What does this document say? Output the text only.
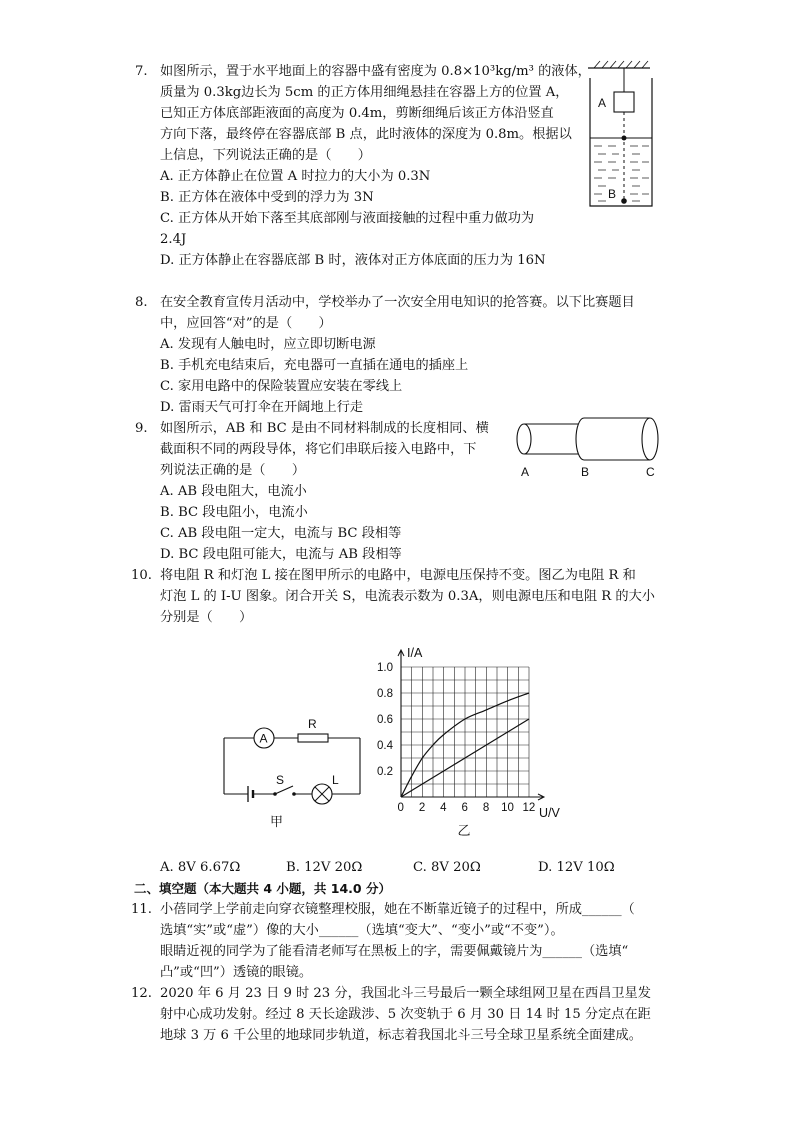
7. 如图所示，置于水平地面上的容器中盛有密度为 0.8×10³kg/m³ 的液体，
质量为 0.3kg边长为 5cm 的正方体用细绳悬挂在容器上方的位置 A，
已知正方体底部距液面的高度为 0.4m，剪断细绳后该正方体沿竖直
方向下落，最终停在容器底部 B 点，此时液体的深度为 0.8m。根据以
上信息，下列说法正确的是（　　）
A. 正方体静止在位置 A 时拉力的大小为 0.3N
B. 正方体在液体中受到的浮力为 3N
C. 正方体从开始下落至其底部刚与液面接触的过程中重力做功为
2.4J
D. 正方体静止在容器底部 B 时，液体对正方体底面的压力为 16N
A
B
8. 在安全教育宣传月活动中，学校举办了一次安全用电知识的抢答赛。以下比赛题目
中，应回答“对”的是（　　）
A. 发现有人触电时，应立即切断电源
B. 手机充电结束后，充电器可一直插在通电的插座上
C. 家用电路中的保险装置应安装在零线上
D. 雷雨天气可打伞在开阔地上行走
9. 如图所示，AB 和 BC 是由不同材料制成的长度相同、横
截面积不同的两段导体，将它们串联后接入电路中，下
列说法正确的是（　　）
A. AB 段电阻大，电流小
B. BC 段电阻小，电流小
C. AB 段电阻一定大，电流与 BC 段相等
D. BC 段电阻可能大，电流与 AB 段相等
A	B	C
10. 将电阻 R 和灯泡 L 接在图甲所示的电路中，电源电压保持不变。图乙为电阻 R 和
灯泡 L 的 I-U 图象。闭合开关 S，电流表示数为 0.3A，则电源电压和电阻 R 的大小
分别是（　　）
A
R
S	L
甲
0 2 4 6 8 10 12
0.2
0.4
0.6
0.8
1.0
I/A
U/V
乙
A. 8V 6.67Ω	B. 12V 20Ω	C. 8V 20Ω	D. 12V 10Ω
二、填空题（本大题共 4 小题，共 14.0 分）
11. 小蓓同学上学前走向穿衣镜整理校服，她在不断靠近镜子的过程中，所成______（
选填“实”或“虚”）像的大小______（选填“变大”、“变小”或“不变”）。
眼睛近视的同学为了能看清老师写在黑板上的字，需要佩戴镜片为______（选填“
凸”或“凹”）透镜的眼镜。
12. 2020 年 6 月 23 日 9 时 23 分，我国北斗三号最后一颗全球组网卫星在西昌卫星发
射中心成功发射。经过 8 天长途跋涉、5 次变轨于 6 月 30 日 14 时 15 分定点在距
地球 3 万 6 千公里的地球同步轨道，标志着我国北斗三号全球卫星系统全面建成。
